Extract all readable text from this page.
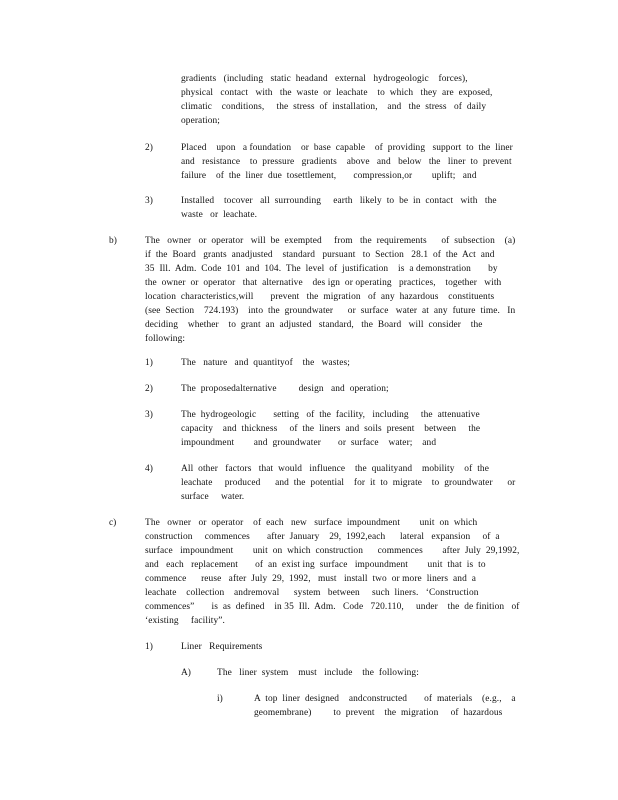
gradients   (including   static  headand   external   hydrogeologic    forces),

physical   contact   with   the  waste  or  leachate    to  which   they  are  exposed,

climatic    conditions,     the  stress  of  installation,    and   the  stress   of  daily

operation;

2)	Placed    upon   a foundation    or  base  capable    of  providing   support  to  the  liner

and   resistance    to  pressure   gradients    above   and   below   the   liner  to  prevent

failure    of  the  liner  due  tosettlement,       compression,or        uplift;   and

3)	Installed    tocover   all  surrounding     earth   likely  to  be  in  contact   with   the

waste   or  leachate.

b)	The   owner   or  operator   will  be  exempted     from   the  requirements      of  subsection    (a)

if  the  Board   grants  anadjusted    standard   pursuant   to  Section   28.1  of  the  Act  and

35  Ill.  Adm.  Code  101  and  104.  The  level  of  justification    is  a demonstration       by

the  owner  or  operator   that  alternative    des ign  or operating   practices,    together   with

location  characteristics,will       prevent   the  migration   of  any  hazardous    constituents

(see  Section    724.193)    into  the  groundwater      or  surface   water  at  any  future  time.   In

deciding    whether    to  grant  an  adjusted   standard,   the  Board   will  consider    the

following:

1)	The   nature   and  quantityof    the   wastes;

2)	The  proposedalternative         design   and  operation;

3)	The  hydrogeologic       setting   of  the  facility,   including     the  attenuative

capacity    and  thickness     of  the  liners  and  soils  present    between     the

impoundment        and  groundwater       or  surface    water;    and

4)	All  other   factors   that  would   influence    the  qualityand    mobility    of  the

leachate     produced      and  the  potential    for  it  to  migrate    to  groundwater      or

surface     water.

c)	The   owner   or  operator    of  each   new   surface  impoundment        unit  on  which

construction     commences       after  January    29,  1992,each      lateral   expansion     of  a

surface   impoundment        unit  on  which  construction      commences        after  July  29,1992,

and   each   replacement       of  an  exist ing  surface   impoundment        unit  that  is  to

commence      reuse   after  July  29,  1992,   must   install  two  or more  liners  and  a

leachate    collection    andremoval      system   between     such  liners.   ‘Construction

commences”       is  as  defined    in 35  Ill.  Adm.   Code   720.110,     under    the  de finition   of

‘existing     facility”.

1)	Liner   Requirements

A)	The   liner  system    must   include    the  following:

i)	A  top  liner  designed    andconstructed       of  materials    (e.g.,    a

geomembrane)         to  prevent    the  migration     of  hazardous
